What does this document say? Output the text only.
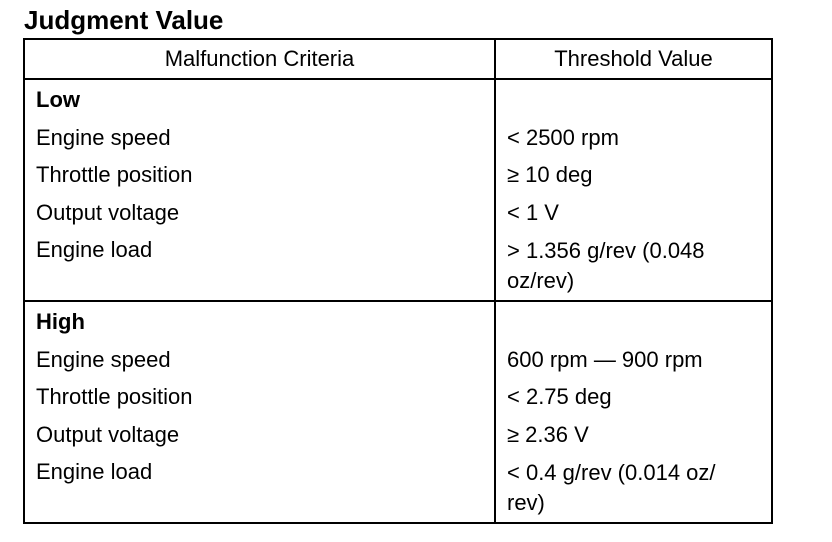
Judgment Value
Malfunction Criteria	Threshold Value
Low
Engine speed
Throttle position
Output voltage
Engine load
< 2500 rpm
≥ 10 deg
< 1 V
> 1.356 g/rev (0.048 oz/rev)
High
Engine speed
Throttle position
Output voltage
Engine load
600 rpm — 900 rpm
< 2.75 deg
≥ 2.36 V
< 0.4 g/rev (0.014 oz/ rev)
